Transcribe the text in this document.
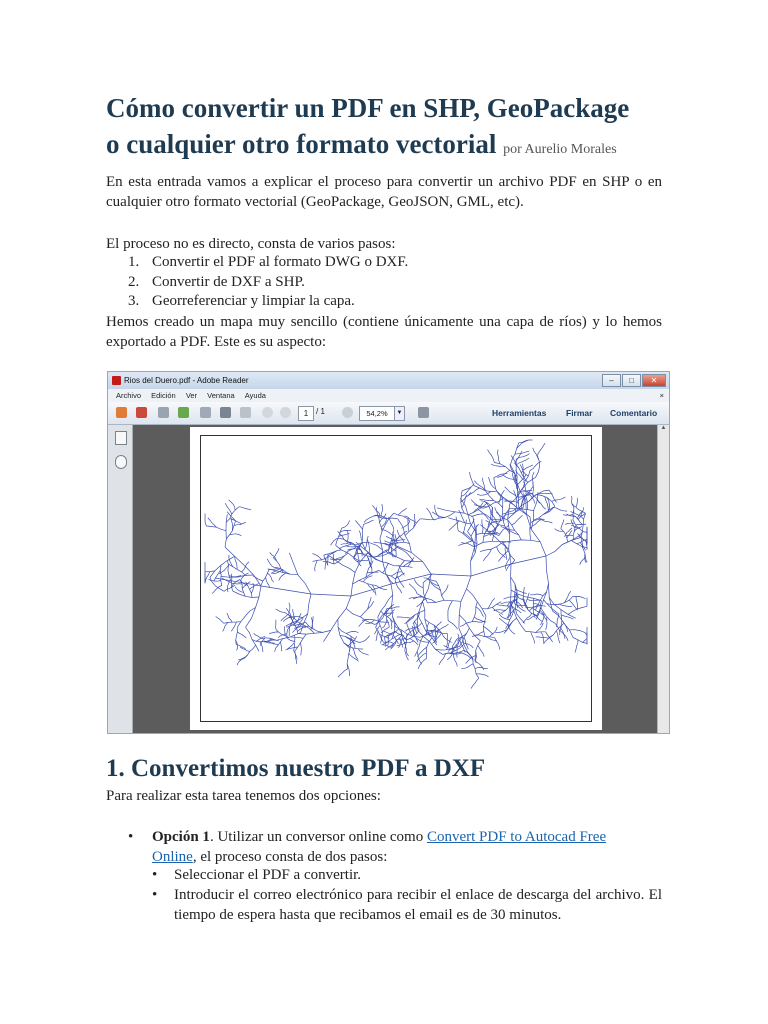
Cómo convertir un PDF en SHP, GeoPackage
o cualquier otro formato vectorial por Aurelio Morales
En esta entrada vamos a explicar el proceso para convertir un archivo PDF en SHP o en cualquier otro formato vectorial (GeoPackage, GeoJSON, GML, etc).
El proceso no es directo, consta de varios pasos:
1. Convertir el PDF al formato DWG o DXF.
2. Convertir de DXF a SHP.
3. Georreferenciar y limpiar la capa.
Hemos creado un mapa muy sencillo (contiene únicamente una capa de ríos) y lo hemos exportado a PDF. Este es su aspecto:
Rios del Duero.pdf - Adobe Reader	–	□	✕
Archivo Edición Ver Ventana Ayuda	×
1 / 1	54,2%	▼	Herramientas Firmar Comentario
▲
1. Convertimos nuestro PDF a DXF
Para realizar esta tarea tenemos dos opciones:
• Opción 1. Utilizar un conversor online como Convert PDF to Autocad Free
Online, el proceso consta de dos pasos:
• Seleccionar el PDF a convertir.
• Introducir el correo electrónico para recibir el enlace de descarga del archivo. El tiempo de espera hasta que recibamos el email es de 30 minutos.
